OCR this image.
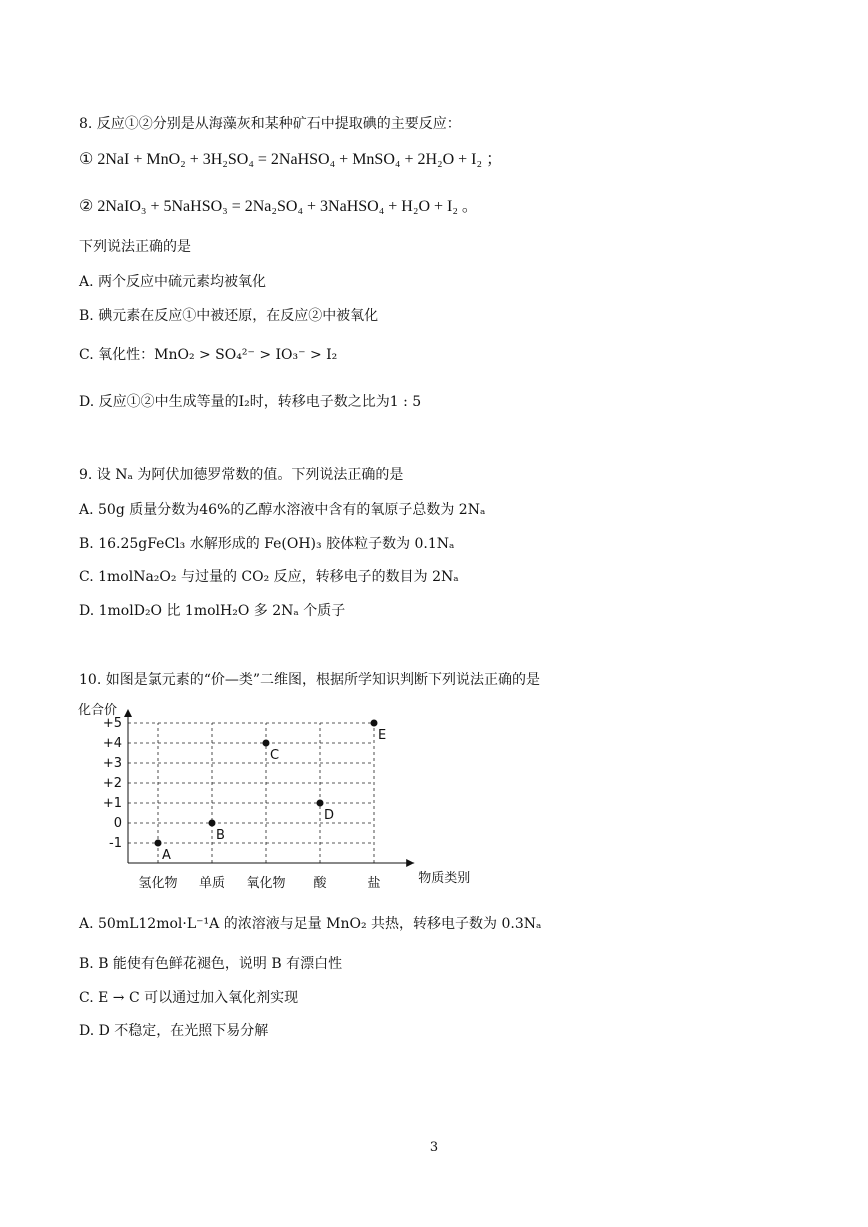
8. 反应①②分别是从海藻灰和某种矿石中提取碘的主要反应：
① 2NaI + MnO₂ + 3H₂SO₄ = 2NaHSO₄ + MnSO₄ + 2H₂O + I₂ ；
② 2NaIO₃ + 5NaHSO₃ = 2Na₂SO₄ + 3NaHSO₄ + H₂O + I₂ 。
下列说法正确的是
A. 两个反应中硫元素均被氧化
B. 碘元素在反应①中被还原，在反应②中被氧化
C. 氧化性：MnO₂ > SO₄²⁻ > IO₃⁻ > I₂
D. 反应①②中生成等量的I₂时，转移电子数之比为1 : 5
9. 设 Nₐ 为阿伏加德罗常数的值。下列说法正确的是
A. 50g 质量分数为46%的乙醇水溶液中含有的氧原子总数为 2Nₐ
B. 16.25gFeCl₃ 水解形成的 Fe(OH)₃ 胶体粒子数为 0.1Nₐ
C. 1molNa₂O₂ 与过量的 CO₂ 反应，转移电子的数目为 2Nₐ
D. 1molD₂O 比 1molH₂O 多 2Nₐ 个质子
10. 如图是氯元素的“价—类”二维图，根据所学知识判断下列说法正确的是
化合价
物质类别
+5
+4
+3
+2
+1
0
-1
氢化物 单质 氧化物 酸	盐
A
B
C
D
E
A. 50mL12mol·L⁻¹A 的浓溶液与足量 MnO₂ 共热，转移电子数为 0.3Nₐ
B. B 能使有色鲜花褪色，说明 B 有漂白性
C. E → C 可以通过加入氧化剂实现
D. D 不稳定，在光照下易分解
3
